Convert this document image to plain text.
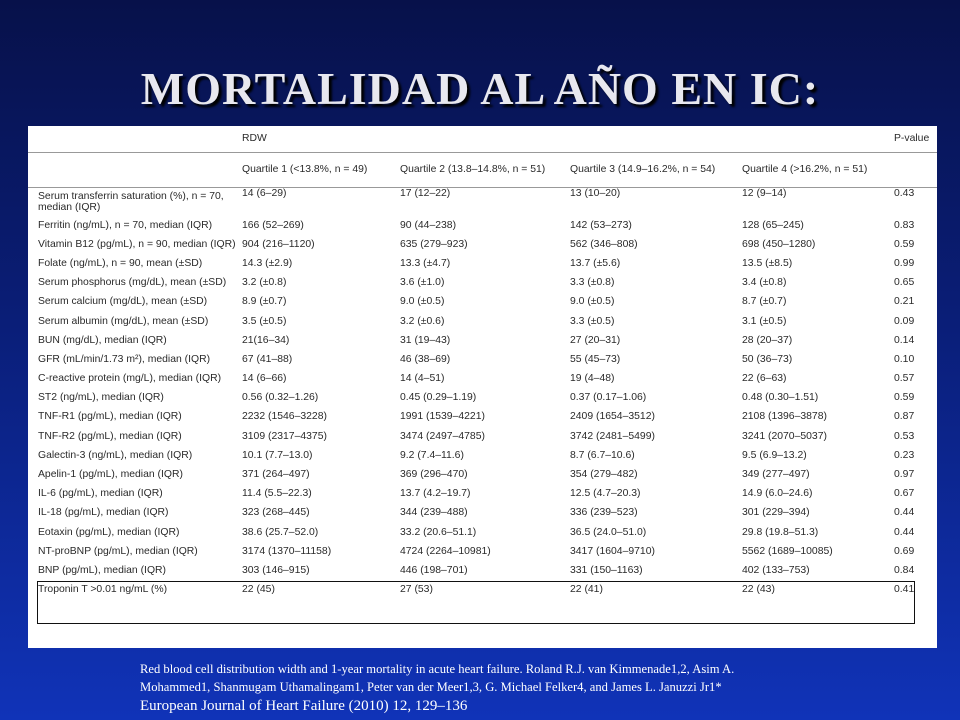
MORTALIDAD AL AÑO EN IC:
	RDW				P-value
	Quartile 1 (<13.8%, n = 49)	Quartile 2 (13.8–14.8%, n = 51)	Quartile 3 (14.9–16.2%, n = 54)	Quartile 4 (>16.2%, n = 51)	
Serum transferrin saturation (%), n = 70,
median (IQR)	14 (6–29)	17 (12–22)	13 (10–20)	12 (9–14)	0.43
Ferritin (ng/mL), n = 70, median (IQR)	166 (52–269)	90 (44–238)	142 (53–273)	128 (65–245)	0.83
Vitamin B12 (pg/mL), n = 90, median (IQR)	904 (216–1120)	635 (279–923)	562 (346–808)	698 (450–1280)	0.59
Folate (ng/mL), n = 90, mean (±SD)	14.3 (±2.9)	13.3 (±4.7)	13.7 (±5.6)	13.5 (±8.5)	0.99
Serum phosphorus (mg/dL), mean (±SD)	3.2 (±0.8)	3.6 (±1.0)	3.3 (±0.8)	3.4 (±0.8)	0.65
Serum calcium (mg/dL), mean (±SD)	8.9 (±0.7)	9.0 (±0.5)	9.0 (±0.5)	8.7 (±0.7)	0.21
Serum albumin (mg/dL), mean (±SD)	3.5 (±0.5)	3.2 (±0.6)	3.3 (±0.5)	3.1 (±0.5)	0.09
BUN (mg/dL), median (IQR)	21(16–34)	31 (19–43)	27 (20–31)	28 (20–37)	0.14
GFR (mL/min/1.73 m²), median (IQR)	67 (41–88)	46 (38–69)	55 (45–73)	50 (36–73)	0.10
C-reactive protein (mg/L), median (IQR)	14 (6–66)	14 (4–51)	19 (4–48)	22 (6–63)	0.57
ST2 (ng/mL), median (IQR)	0.56 (0.32–1.26)	0.45 (0.29–1.19)	0.37 (0.17–1.06)	0.48 (0.30–1.51)	0.59
TNF-R1 (pg/mL), median (IQR)	2232 (1546–3228)	1991 (1539–4221)	2409 (1654–3512)	2108 (1396–3878)	0.87
TNF-R2 (pg/mL), median (IQR)	3109 (2317–4375)	3474 (2497–4785)	3742 (2481–5499)	3241 (2070–5037)	0.53
Galectin-3 (ng/mL), median (IQR)	10.1 (7.7–13.0)	9.2 (7.4–11.6)	8.7 (6.7–10.6)	9.5 (6.9–13.2)	0.23
Apelin-1 (pg/mL), median (IQR)	371 (264–497)	369 (296–470)	354 (279–482)	349 (277–497)	0.97
IL-6 (pg/mL), median (IQR)	11.4 (5.5–22.3)	13.7 (4.2–19.7)	12.5 (4.7–20.3)	14.9 (6.0–24.6)	0.67
IL-18 (pg/mL), median (IQR)	323 (268–445)	344 (239–488)	336 (239–523)	301 (229–394)	0.44
Eotaxin (pg/mL), median (IQR)	38.6 (25.7–52.0)	33.2 (20.6–51.1)	36.5 (24.0–51.0)	29.8 (19.8–51.3)	0.44
NT-proBNP (pg/mL), median (IQR)	3174 (1370–11158)	4724 (2264–10981)	3417 (1604–9710)	5562 (1689–10085)	0.69
BNP (pg/mL), median (IQR)	303 (146–915)	446 (198–701)	331 (150–1163)	402 (133–753)	0.84
Troponin T >0.01 ng/mL (%)	22 (45)	27 (53)	22 (41)	22 (43)	0.41
Red blood cell distribution width and 1-year mortality in acute heart failure. Roland R.J. van Kimmenade1,2, Asim A.
Mohammed1, Shanmugam Uthamalingam1, Peter van der Meer1,3, G. Michael Felker4, and James L. Januzzi Jr1*
European Journal of Heart Failure (2010) 12, 129–136
